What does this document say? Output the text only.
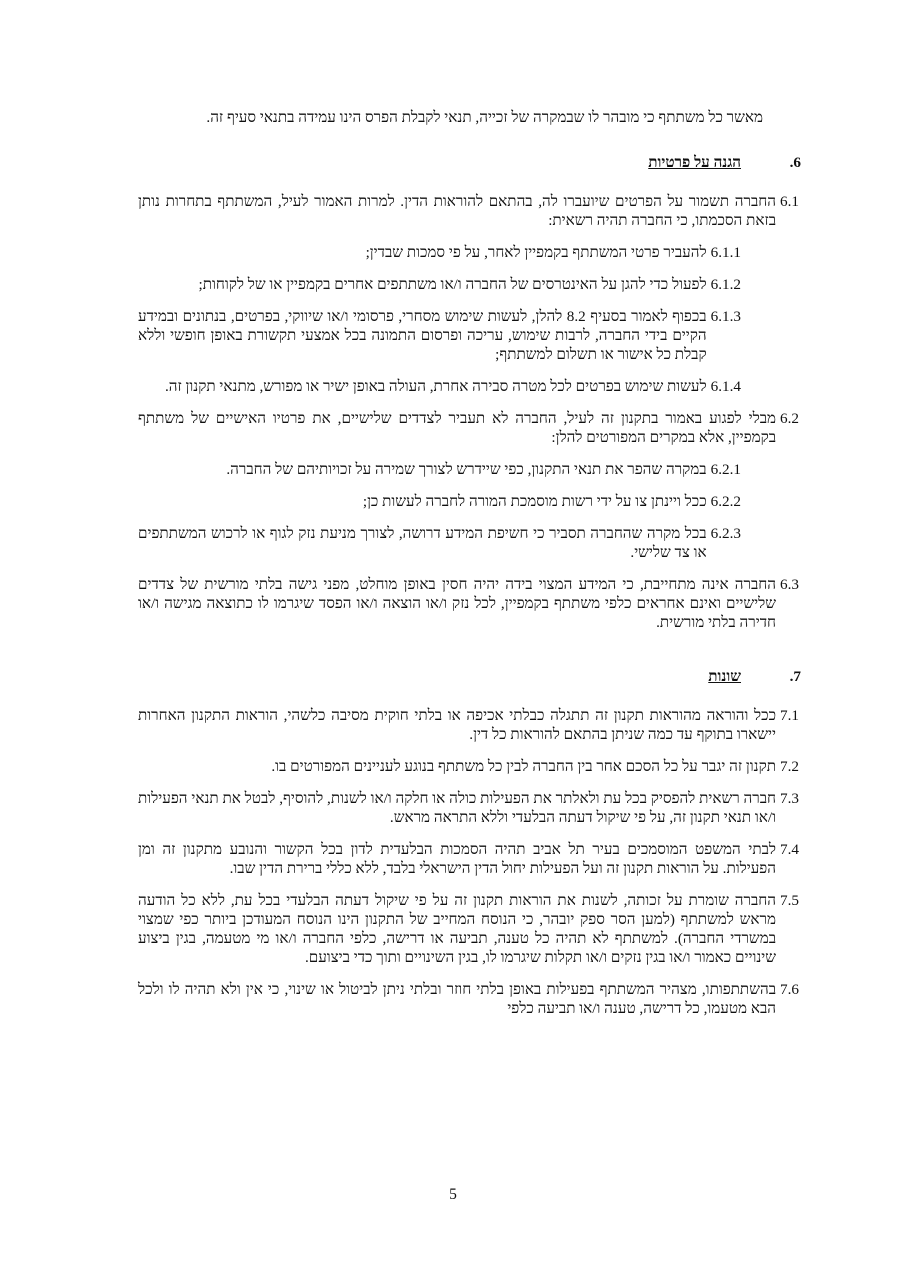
מאשר כל משתתף כי מובהר לו שבמקרה של זכייה, תנאי לקבלת הפרס הינו עמידה בתנאי סעיף זה.

6.
הגנה על פרטיות
6.1
החברה תשמור על הפרטים שיועברו לה, בהתאם להוראות הדין. למרות האמור לעיל, המשתתף בתחרות נותן בזאת הסכמתו, כי החברה תהיה רשאית:
6.1.1
להעביר פרטי המשתתף בקמפיין לאחר, על פי סמכות שבדין;
6.1.2
לפעול כדי להגן על האינטרסים של החברה ו/או משתתפים אחרים בקמפיין או של לקוחות;
6.1.3
בכפוף לאמור בסעיף 8.2 להלן, לעשות שימוש מסחרי, פרסומי ו/או שיווקי, בפרטים, בנתונים ובמידע הקיים בידי החברה, לרבות שימוש, עריכה ופרסום התמונה בכל אמצעי תקשורת באופן חופשי וללא קבלת כל אישור או תשלום למשתתף;
6.1.4
לעשות שימוש בפרטים לכל מטרה סבירה אחרת, העולה באופן ישיר או מפורש, מתנאי תקנון זה.
6.2
מבלי לפגוע באמור בתקנון זה לעיל, החברה לא תעביר לצדדים שלישיים, את פרטיו האישיים של משתתף בקמפיין, אלא במקרים המפורטים להלן:
6.2.1
במקרה שהפר את תנאי התקנון, כפי שיידרש לצורך שמירה על זכויותיהם של החברה.
6.2.2
ככל ויינתן צו על ידי רשות מוסמכת המורה לחברה לעשות כן;
6.2.3
בכל מקרה שהחברה תסביר כי חשיפת המידע דרושה, לצורך מניעת נזק לגוף או לרכוש המשתתפים או צד שלישי.
6.3
החברה אינה מתחייבת, כי המידע המצוי בידה יהיה חסין באופן מוחלט, מפני גישה בלתי מורשית של צדדים שלישיים ואינם אחראים כלפי משתתף בקמפיין, לכל נזק ו/או הוצאה ו/או הפסד שיגרמו לו כתוצאה מגישה ו/או חדירה בלתי מורשית.
7.
שונות
7.1
ככל והוראה מהוראות תקנון זה תתגלה כבלתי אכיפה או בלתי חוקית מסיבה כלשהי, הוראות התקנון האחרות יישארו בתוקף עד כמה שניתן בהתאם להוראות כל דין.
7.2
תקנון זה יגבר על כל הסכם אחר בין החברה לבין כל משתתף בנוגע לעניינים המפורטים בו.
7.3
חברה רשאית להפסיק בכל עת ולאלתר את הפעילות כולה או חלקה ו/או לשנות, להוסיף, לבטל את תנאי הפעילות ו/או תנאי תקנון זה, על פי שיקול דעתה הבלעדי וללא התראה מראש.
7.4
לבתי המשפט המוסמכים בעיר תל אביב תהיה הסמכות הבלעדית לדון בכל הקשור והנובע מתקנון זה ומן הפעילות. על הוראות תקנון זה ועל הפעילות יחול הדין הישראלי בלבד, ללא כללי ברירת הדין שבו.
7.5
החברה שומרת על זכותה, לשנות את הוראות תקנון זה על פי שיקול דעתה הבלעדי בכל עת, ללא כל הודעה מראש למשתתף (למען הסר ספק יובהר, כי הנוסח המחייב של התקנון הינו הנוסח המעודכן ביותר כפי שמצוי במשרדי החברה). למשתתף לא תהיה כל טענה, תביעה או דרישה, כלפי החברה ו/או מי מטעמה, בגין ביצוע שינויים כאמור ו/או בגין נזקים ו/או תקלות שיגרמו לו, בגין השינויים ותוך כדי ביצועם.
7.6
בהשתתפותו, מצהיר המשתתף בפעילות באופן בלתי חוזר ובלתי ניתן לביטול או שינוי, כי אין ולא תהיה לו ולכל הבא מטעמו, כל דרישה, טענה ו/או תביעה כלפי
5
